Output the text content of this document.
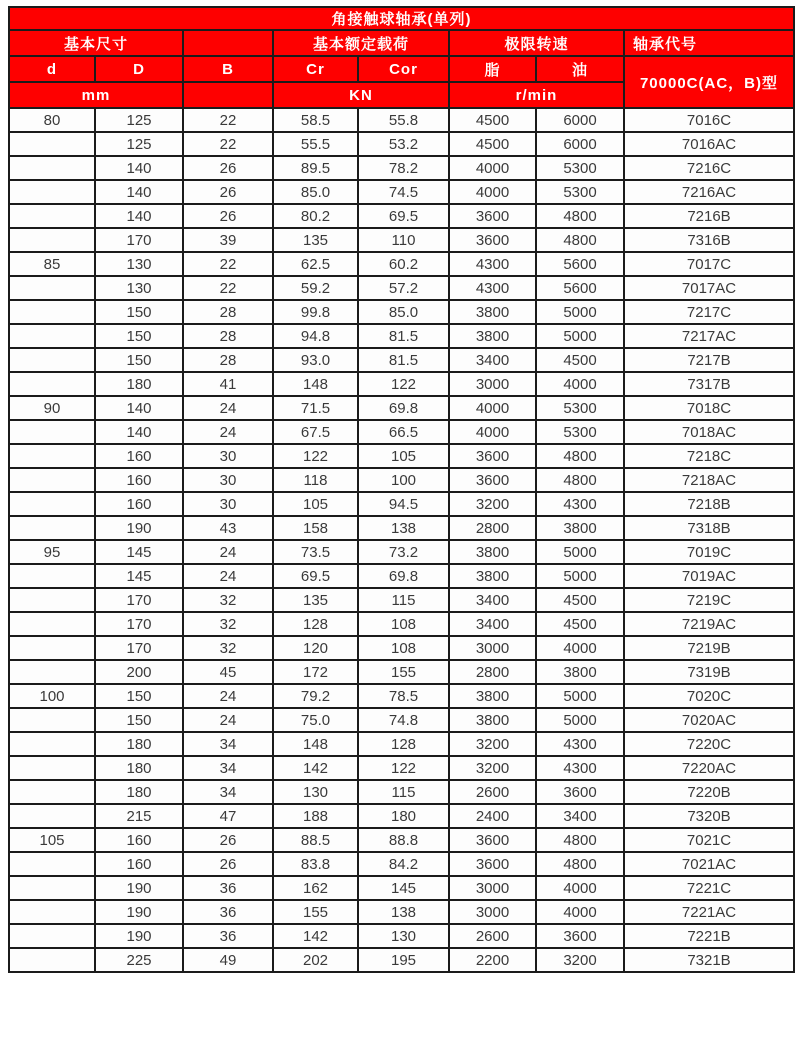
角接触球轴承(单列)							
基本尺寸			基本额定载荷		极限转速		轴承代号
d	D	B	Cr	Cor	脂	油	70000C(AC，B)型
mm			KN		r/min		
80	125	22	58.5	55.8	4500	6000	7016C
	125	22	55.5	53.2	4500	6000	7016AC
	140	26	89.5	78.2	4000	5300	7216C
	140	26	85.0	74.5	4000	5300	7216AC
	140	26	80.2	69.5	3600	4800	7216B
	170	39	135	110	3600	4800	7316B
85	130	22	62.5	60.2	4300	5600	7017C
	130	22	59.2	57.2	4300	5600	7017AC
	150	28	99.8	85.0	3800	5000	7217C
	150	28	94.8	81.5	3800	5000	7217AC
	150	28	93.0	81.5	3400	4500	7217B
	180	41	148	122	3000	4000	7317B
90	140	24	71.5	69.8	4000	5300	7018C
	140	24	67.5	66.5	4000	5300	7018AC
	160	30	122	105	3600	4800	7218C
	160	30	118	100	3600	4800	7218AC
	160	30	105	94.5	3200	4300	7218B
	190	43	158	138	2800	3800	7318B
95	145	24	73.5	73.2	3800	5000	7019C
	145	24	69.5	69.8	3800	5000	7019AC
	170	32	135	115	3400	4500	7219C
	170	32	128	108	3400	4500	7219AC
	170	32	120	108	3000	4000	7219B
	200	45	172	155	2800	3800	7319B
100	150	24	79.2	78.5	3800	5000	7020C
	150	24	75.0	74.8	3800	5000	7020AC
	180	34	148	128	3200	4300	7220C
	180	34	142	122	3200	4300	7220AC
	180	34	130	115	2600	3600	7220B
	215	47	188	180	2400	3400	7320B
105	160	26	88.5	88.8	3600	4800	7021C
	160	26	83.8	84.2	3600	4800	7021AC
	190	36	162	145	3000	4000	7221C
	190	36	155	138	3000	4000	7221AC
	190	36	142	130	2600	3600	7221B
	225	49	202	195	2200	3200	7321B
